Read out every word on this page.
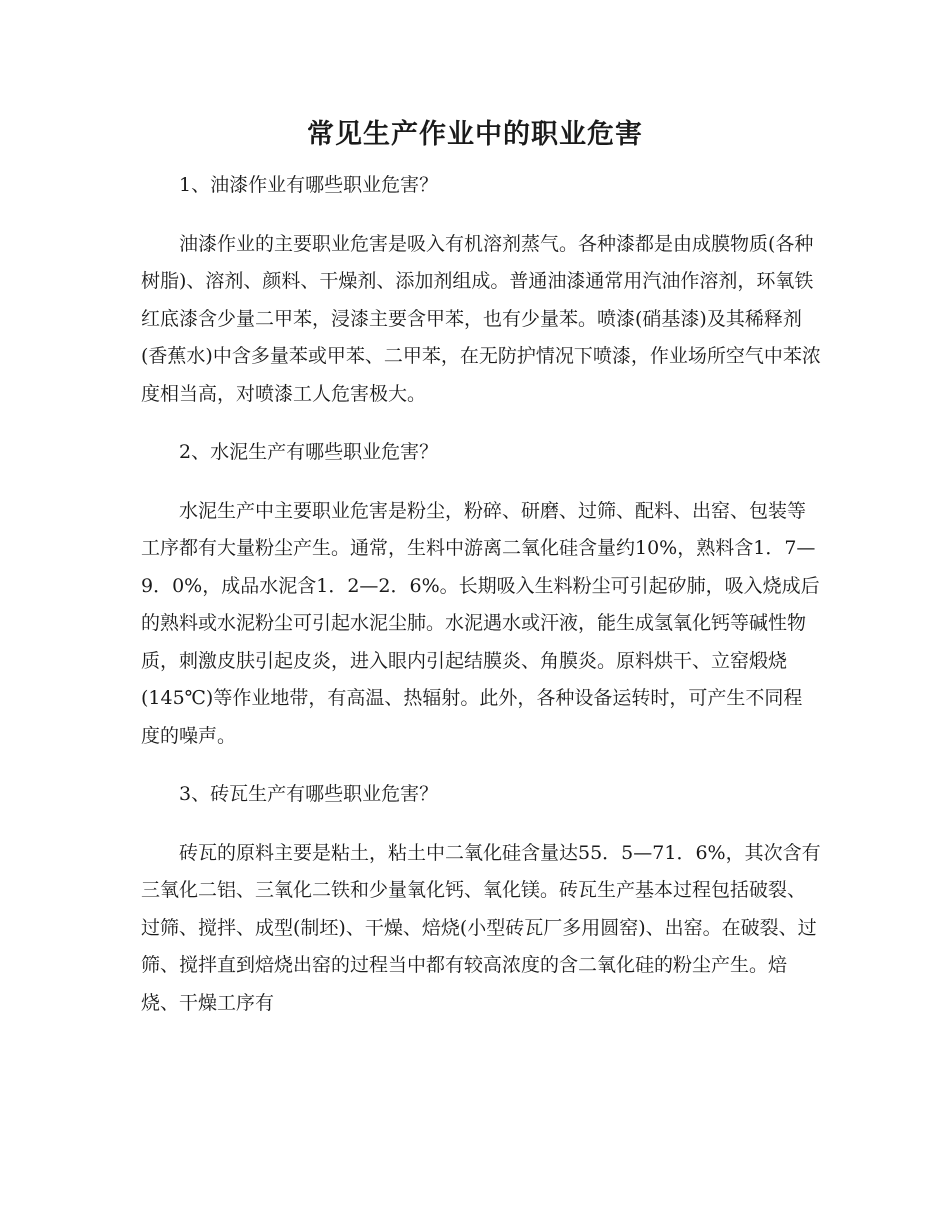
常见生产作业中的职业危害

1、油漆作业有哪些职业危害？

油漆作业的主要职业危害是吸入有机溶剂蒸气。各种漆都是由成膜物质(各种树脂)、溶剂、颜料、干燥剂、添加剂组成。普通油漆通常用汽油作溶剂，环氧铁红底漆含少量二甲苯，浸漆主要含甲苯，也有少量苯。喷漆(硝基漆)及其稀释剂(香蕉水)中含多量苯或甲苯、二甲苯，在无防护情况下喷漆，作业场所空气中苯浓度相当高，对喷漆工人危害极大。

2、水泥生产有哪些职业危害？

水泥生产中主要职业危害是粉尘，粉碎、研磨、过筛、配料、出窑、包装等工序都有大量粉尘产生。通常，生料中游离二氧化硅含量约10%，熟料含1．7—9．0%，成品水泥含1．2—2．6%。长期吸入生料粉尘可引起矽肺，吸入烧成后的熟料或水泥粉尘可引起水泥尘肺。水泥遇水或汗液，能生成氢氧化钙等碱性物质，刺激皮肤引起皮炎，进入眼内引起结膜炎、角膜炎。原料烘干、立窑煅烧(145℃)等作业地带，有高温、热辐射。此外，各种设备运转时，可产生不同程度的噪声。

3、砖瓦生产有哪些职业危害？

砖瓦的原料主要是粘土，粘土中二氧化硅含量达55．5—71．6%，其次含有三氧化二铝、三氧化二铁和少量氧化钙、氧化镁。砖瓦生产基本过程包括破裂、过筛、搅拌、成型(制坯)、干燥、焙烧(小型砖瓦厂多用圆窑)、出窑。在破裂、过筛、搅拌直到焙烧出窑的过程当中都有较高浓度的含二氧化硅的粉尘产生。焙烧、干燥工序有
